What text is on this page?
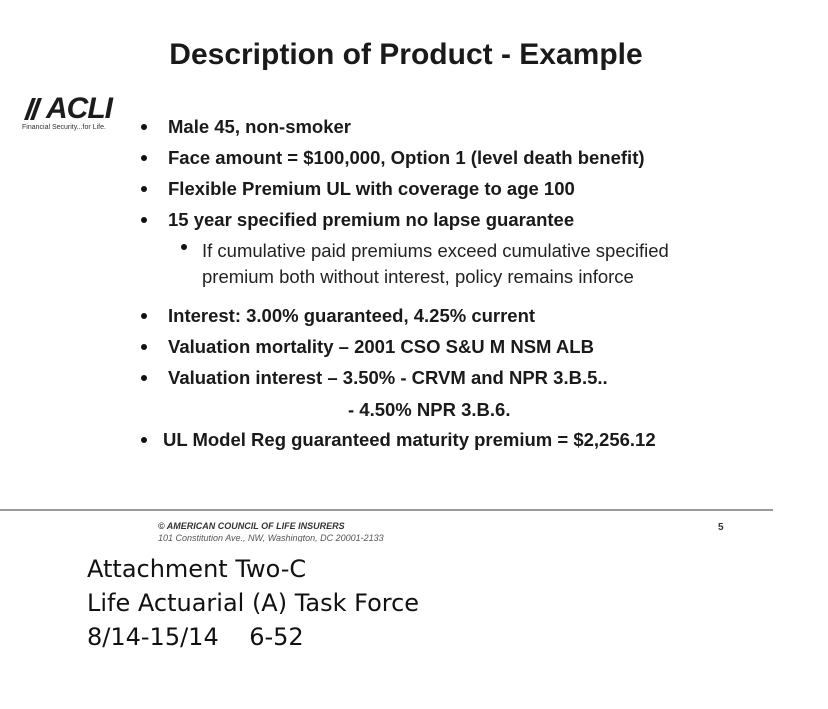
Description of Product - Example
ACLI
Financial Security...for Life.	Male 45, non-smoker
Face amount = $100,000, Option 1 (level death benefit)
Flexible Premium UL with coverage to age 100
15 year specified premium no lapse guarantee
If cumulative paid premiums exceed cumulative specified
premium both without interest, policy remains inforce
Interest: 3.00% guaranteed, 4.25% current
Valuation mortality – 2001 CSO S&U M NSM ALB
Valuation interest – 3.50% - CRVM and NPR 3.B.5..
- 4.50% NPR 3.B.6.
UL Model Reg guaranteed maturity premium = $2,256.12
© AMERICAN COUNCIL OF LIFE INSURERS
101 Constitution Ave., NW, Washington, DC 20001-2133
5
Attachment Two-C
Life Actuarial (A) Task Force
8/14-15/14    6-52
